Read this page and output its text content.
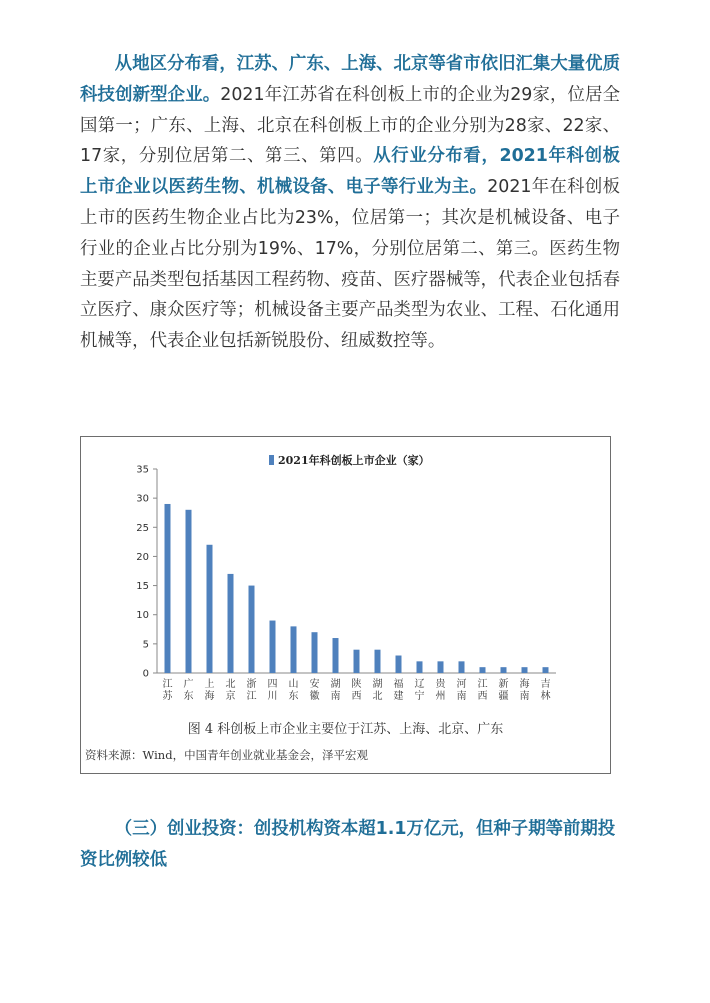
从地区分布看，江苏、广东、上海、北京等省市依旧汇集大量优质科技创新型企业。2021年江苏省在科创板上市的企业为29家，位居全国第一；广东、上海、北京在科创板上市的企业分别为28家、22家、17家，分别位居第二、第三、第四。从行业分布看，2021年科创板上市企业以医药生物、机械设备、电子等行业为主。2021年在科创板上市的医药生物企业占比为23%，位居第一；其次是机械设备、电子行业的企业占比分别为19%、17%，分别位居第二、第三。医药生物主要产品类型包括基因工程药物、疫苗、医疗器械等，代表企业包括春立医疗、康众医疗等；机械设备主要产品类型为农业、工程、石化通用机械等，代表企业包括新锐股份、纽威数控等。

0
5
10
15
20
25
30
35
江苏
广东
上海
北京
浙江
四川
山东
安徽
湖南
陕西
湖北
福建
辽宁
贵州
河南
江西
新疆
海南
吉林
2021年科创板上市企业（家）
图 4 科创板上市企业主要位于江苏、上海、北京、广东
资料来源：Wind，中国青年创业就业基金会，泽平宏观

（三）创业投资：创投机构资本超1.1万亿元，但种子期等前期投资比例较低
